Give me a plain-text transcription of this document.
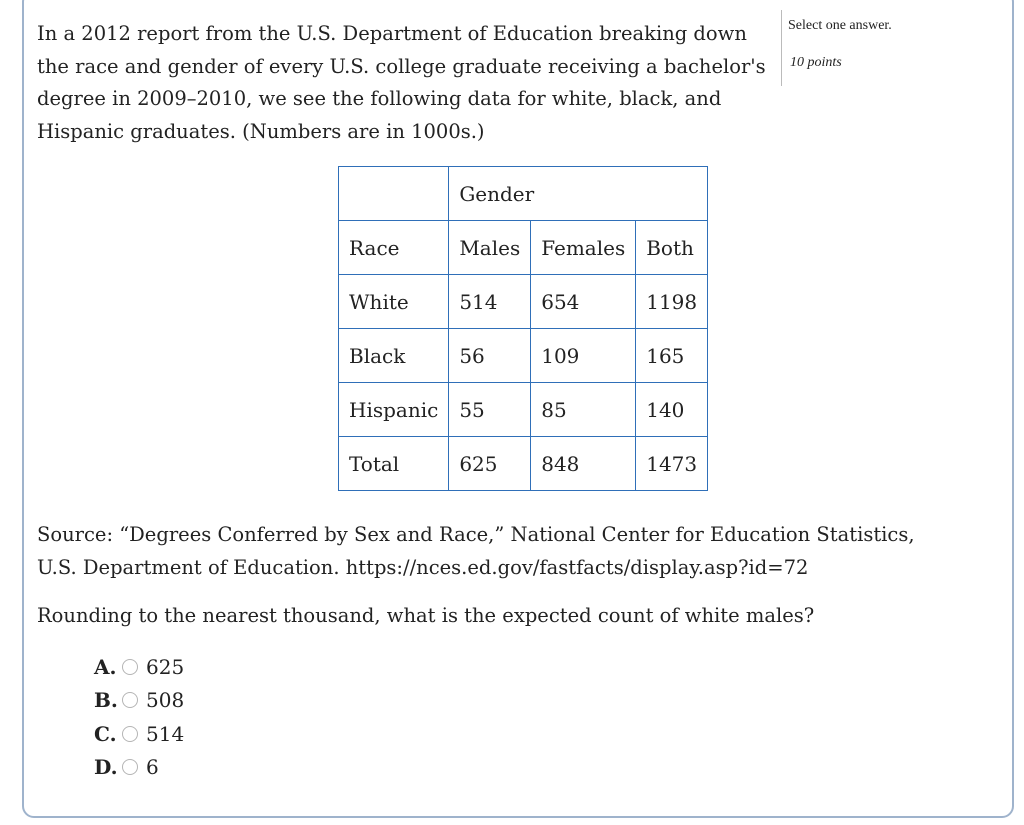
In a 2012 report from the U.S. Department of Education breaking down the race and gender of every U.S. college graduate receiving a bachelor's degree in 2009–2010, we see the following data for white, black, and Hispanic graduates. (Numbers are in 1000s.)
Select one answer.
10 points
	Gender		
Race	Males	Females	Both
White	514	654	1198
Black	56	109	165
Hispanic	55	85	140
Total	625	848	1473
Source: “Degrees Conferred by Sex and Race,” National Center for Education Statistics, U.S. Department of Education. https://nces.ed.gov/fastfacts/display.asp?id=72
Rounding to the nearest thousand, what is the expected count of white males?
A. 625
B. 508
C. 514
D. 6
